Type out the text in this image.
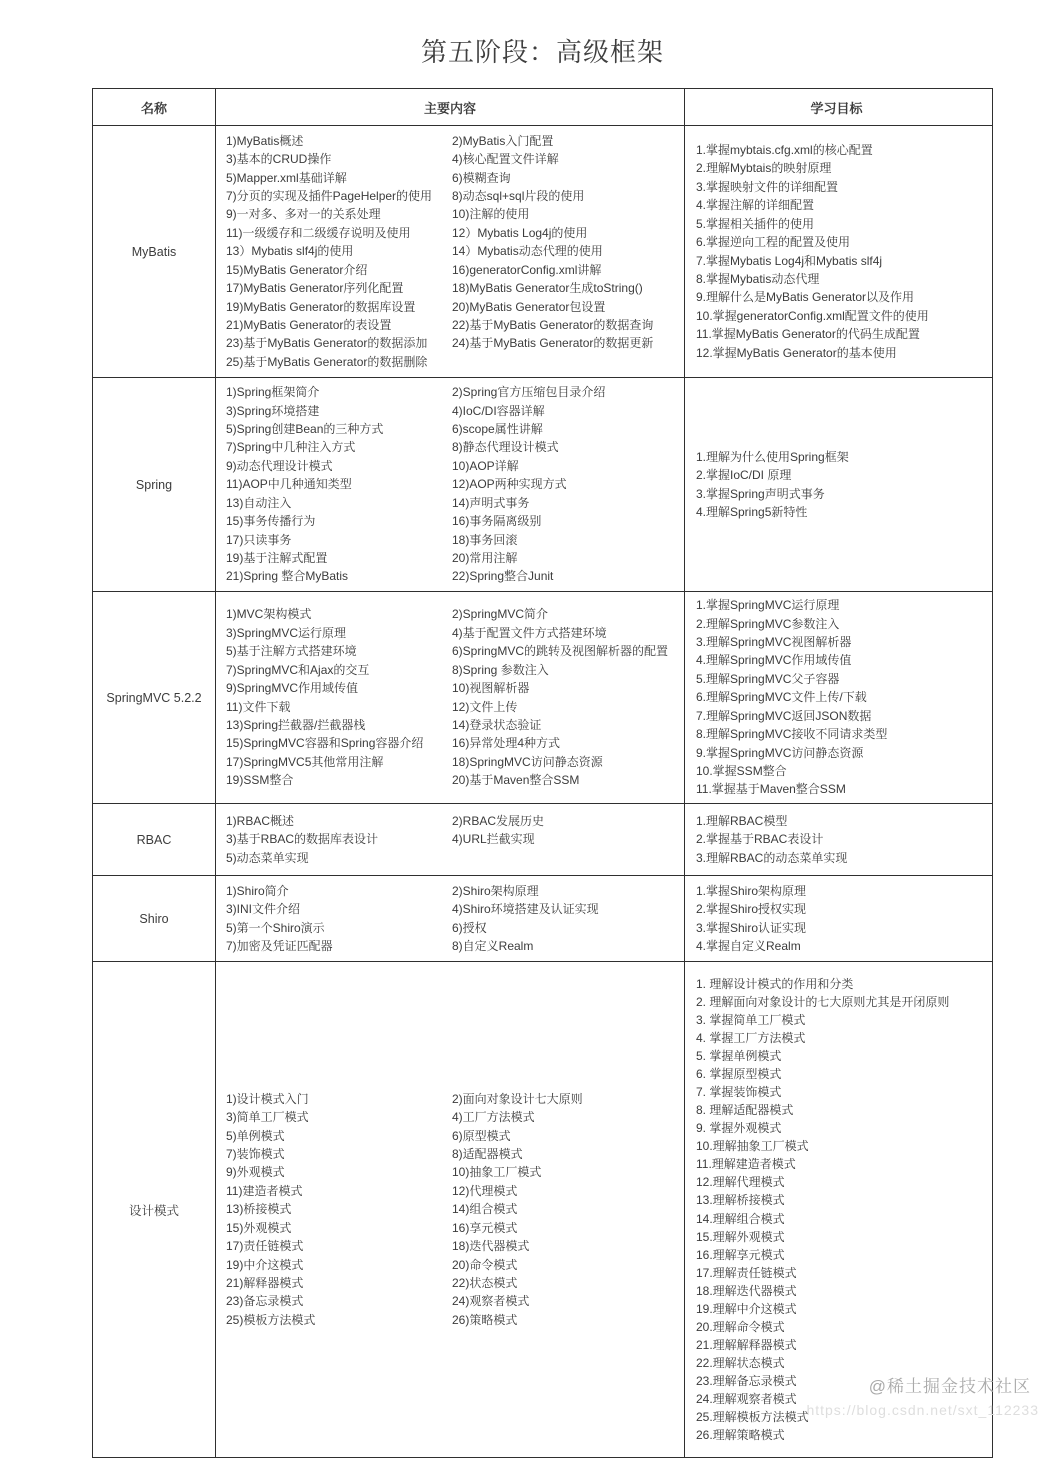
第五阶段：高级框架
名称	主要内容	学习目标
MyBatis
1)MyBatis概述
3)基本的CRUD操作
5)Mapper.xml基础详解
7)分页的实现及插件PageHelper的使用
9)一对多、多对一的关系处理
11)一级缓存和二级缓存说明及使用
13）Mybatis slf4j的使用
15)MyBatis Generator介绍
17)MyBatis Generator序列化配置
19)MyBatis Generator的数据库设置
21)MyBatis Generator的表设置
23)基于MyBatis Generator的数据添加
25)基于MyBatis Generator的数据删除
2)MyBatis入门配置
4)核心配置文件详解
6)模糊查询
8)动态sql+sql片段的使用
10)注解的使用
12）Mybatis Log4j的使用
14）Mybatis动态代理的使用
16)generatorConfig.xml讲解
18)MyBatis Generator生成toString()
20)MyBatis Generator包设置
22)基于MyBatis Generator的数据查询
24)基于MyBatis Generator的数据更新
1.掌握mybtais.cfg.xml的核心配置
2.理解Mybtais的映射原理
3.掌握映射文件的详细配置
4.掌握注解的详细配置
5.掌握相关插件的使用
6.掌握逆向工程的配置及使用
7.掌握Mybatis Log4j和Mybatis slf4j
8.掌握Mybatis动态代理
9.理解什么是MyBatis Generator以及作用
10.掌握generatorConfig.xml配置文件的使用
11.掌握MyBatis Generator的代码生成配置
12.掌握MyBatis Generator的基本使用
Spring
1)Spring框架简介
3)Spring环境搭建
5)Spring创建Bean的三种方式
7)Spring中几种注入方式
9)动态代理设计模式
11)AOP中几种通知类型
13)自动注入
15)事务传播行为
17)只读事务
19)基于注解式配置
21)Spring 整合MyBatis
2)Spring官方压缩包目录介绍
4)IoC/DI容器详解
6)scope属性讲解
8)静态代理设计模式
10)AOP详解
12)AOP两种实现方式
14)声明式事务
16)事务隔离级别
18)事务回滚
20)常用注解
22)Spring整合Junit
1.理解为什么使用Spring框架
2.掌握IoC/DI 原理
3.掌握Spring声明式事务
4.理解Spring5新特性
SpringMVC 5.2.2
1)MVC架构模式
3)SpringMVC运行原理
5)基于注解方式搭建环境
7)SpringMVC和Ajax的交互
9)SpringMVC作用域传值
11)文件下载
13)Spring拦截器/拦截器栈
15)SpringMVC容器和Spring容器介绍
17)SpringMVC5其他常用注解
19)SSM整合
2)SpringMVC简介
4)基于配置文件方式搭建环境
6)SpringMVC的跳转及视图解析器的配置
8)Spring 参数注入
10)视图解析器
12)文件上传
14)登录状态验证
16)异常处理4种方式
18)SpringMVC访问静态资源
20)基于Maven整合SSM
1.掌握SpringMVC运行原理
2.理解SpringMVC参数注入
3.理解SpringMVC视图解析器
4.理解SpringMVC作用域传值
5.理解SpringMVC父子容器
6.理解SpringMVC文件上传/下载
7.理解SpringMVC返回JSON数据
8.理解SpringMVC接收不同请求类型
9.掌握SpringMVC访问静态资源
10.掌握SSM整合
11.掌握基于Maven整合SSM
RBAC
1)RBAC概述
3)基于RBAC的数据库表设计
5)动态菜单实现
2)RBAC发展历史
4)URL拦截实现
1.理解RBAC模型
2.掌握基于RBAC表设计
3.理解RBAC的动态菜单实现
Shiro
1)Shiro简介
3)INI文件介绍
5)第一个Shiro演示
7)加密及凭证匹配器
2)Shiro架构原理
4)Shiro环境搭建及认证实现
6)授权
8)自定义Realm
1.掌握Shiro架构原理
2.掌握Shiro授权实现
3.掌握Shiro认证实现
4.掌握自定义Realm
设计模式
1)设计模式入门
3)简单工厂模式
5)单例模式
7)装饰模式
9)外观模式
11)建造者模式
13)桥接模式
15)外观模式
17)责任链模式
19)中介这模式
21)解释器模式
23)备忘录模式
25)模板方法模式
2)面向对象设计七大原则
4)工厂方法模式
6)原型模式
8)适配器模式
10)抽象工厂模式
12)代理模式
14)组合模式
16)享元模式
18)迭代器模式
20)命令模式
22)状态模式
24)观察者模式
26)策略模式
1. 理解设计模式的作用和分类
2. 理解面向对象设计的七大原则尤其是开闭原则
3. 掌握简单工厂模式
4. 掌握工厂方法模式
5. 掌握单例模式
6. 掌握原型模式
7. 掌握装饰模式
8. 理解适配器模式
9. 掌握外观模式
10.理解抽象工厂模式
11.理解建造者模式
12.理解代理模式
13.理解桥接模式
14.理解组合模式
15.理解外观模式
16.理解享元模式
17.理解责任链模式
18.理解迭代器模式
19.理解中介这模式
20.理解命令模式
21.理解解释器模式
22.理解状态模式
23.理解备忘录模式
24.理解观察者模式
25.理解模板方法模式
26.理解策略模式
@稀土掘金技术社区
https://blog.csdn.net/sxt_112233
